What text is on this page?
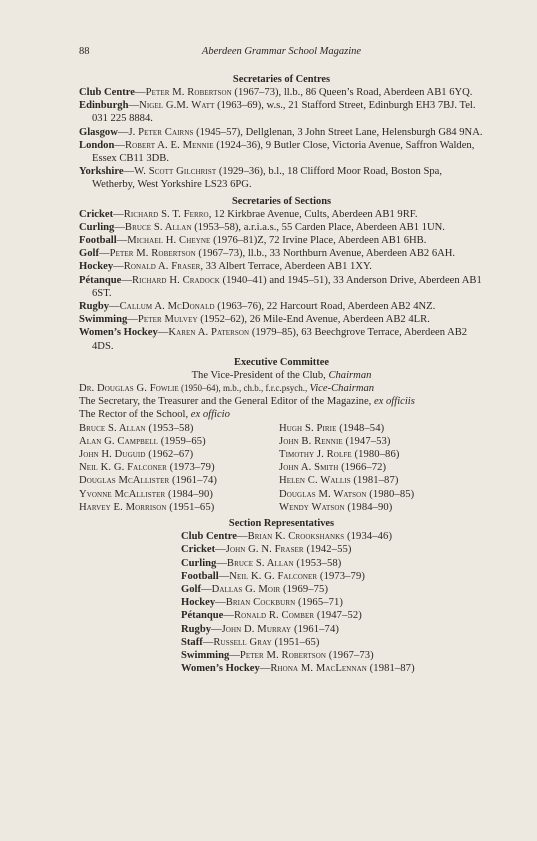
88	Aberdeen Grammar School Magazine

Secretaries of Centres

Club Centre—Peter M. Robertson (1967–73), ll.b., 86 Queen’s Road, Aberdeen AB1 6YQ.

Edinburgh—Nigel G.M. Watt (1963–69), w.s., 21 Stafford Street, Edinburgh EH3 7BJ. Tel. 031 225 8884.

Glasgow—J. Peter Cairns (1945–57), Dellglenan, 3 John Street Lane, Helensburgh G84 9NA.

London—Robert A. E. Mennie (1924–36), 9 Butler Close, Victoria Avenue, Saffron Walden, Essex CB11 3DB.

Yorkshire—W. Scott Gilchrist (1929–36), b.l., 18 Clifford Moor Road, Boston Spa, Wetherby, West Yorkshire LS23 6PG.

Secretaries of Sections

Cricket—Richard S. T. Ferro, 12 Kirkbrae Avenue, Cults, Aberdeen AB1 9RF.

Curling—Bruce S. Allan (1953–58), a.r.i.a.s., 55 Carden Place, Aberdeen AB1 1UN.

Football—Michael H. Cheyne (1976–81)Z, 72 Irvine Place, Aberdeen AB1 6HB.

Golf—Peter M. Robertson (1967–73), ll.b., 33 Northburn Avenue, Aberdeen AB2 6AH.

Hockey—Ronald A. Fraser, 33 Albert Terrace, Aberdeen AB1 1XY.

Pétanque—Richard H. Cradock (1940–41) and 1945–51), 33 Anderson Drive, Aberdeen AB1 6ST.

Rugby—Callum A. McDonald (1963–76), 22 Harcourt Road, Aberdeen AB2 4NZ.

Swimming—Peter Mulvey (1952–62), 26 Mile-End Avenue, Aberdeen AB2 4LR.

Women’s Hockey—Karen A. Paterson (1979–85), 63 Beechgrove Terrace, Aberdeen AB2 4DS.

Executive Committee

The Vice-President of the Club, Chairman

Dr. Douglas G. Fowlie (1950–64), m.b., ch.b., f.r.c.psych., Vice-Chairman

The Secretary, the Treasurer and the General Editor of the Magazine, ex officiis

The Rector of the School, ex officio

Bruce S. Allan (1953–58)	Hugh S. Pirie (1948–54)
Alan G. Campbell (1959–65)	John B. Rennie (1947–53)
John H. Duguid (1962–67)	Timothy J. Rolfe (1980–86)
Neil K. G. Falconer (1973–79)	John A. Smith (1966–72)
Douglas McAllister (1961–74)	Helen C. Wallis (1981–87)
Yvonne McAllister (1984–90)	Douglas M. Watson (1980–85)
Harvey E. Morrison (1951–65)	Wendy Watson (1984–90)

Section Representatives

Club Centre—Brian K. Crookshanks (1934–46)

Cricket—John G. N. Fraser (1942–55)

Curling—Bruce S. Allan (1953–58)

Football—Neil K. G. Falconer (1973–79)

Golf—Dallas G. Moir (1969–75)

Hockey—Brian Cockburn (1965–71)

Pétanque—Ronald R. Comber (1947–52)

Rugby—John D. Murray (1961–74)

Staff—Russell Gray (1951–65)

Swimming—Peter M. Robertson (1967–73)

Women’s Hockey—Rhona M. MacLennan (1981–87)
